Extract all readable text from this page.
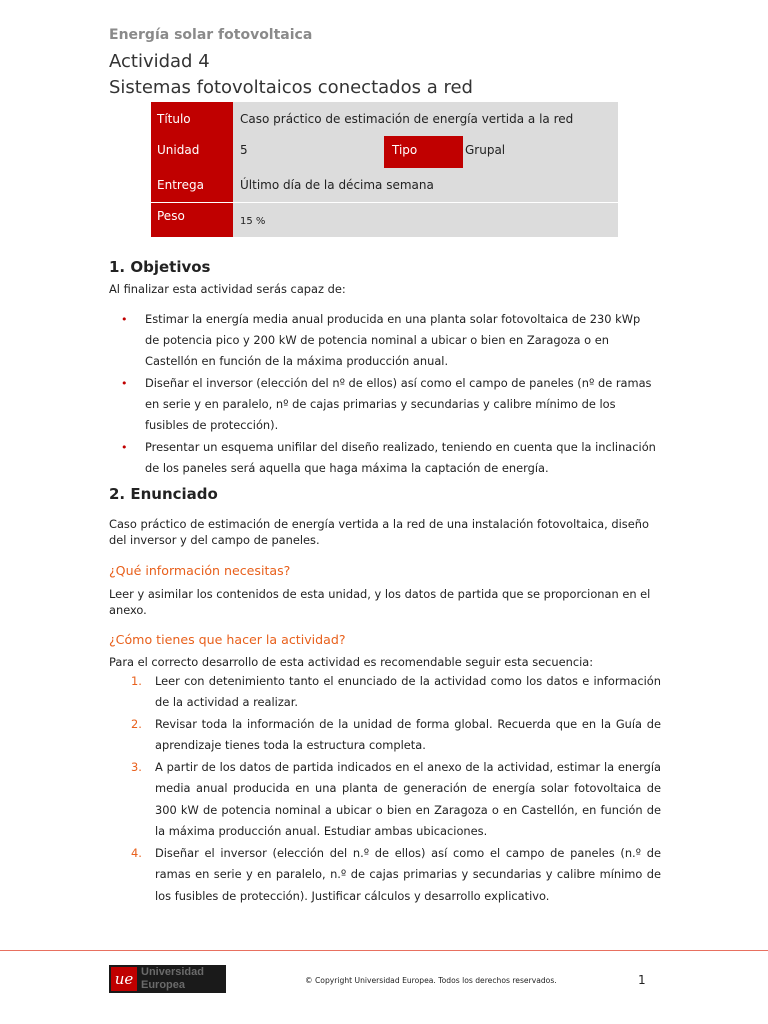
Energía solar fotovoltaica
Actividad 4
Sistemas fotovoltaicos conectados a red
Título	Caso práctico de estimación de energía vertida a la red
Unidad	5	Tipo	Grupal
Entrega	Último día de la décima semana
Peso	15 %
1. Objetivos

Al finalizar esta actividad serás capaz de:

• Estimar la energía media anual producida en una planta solar fotovoltaica de 230 kWp de potencia pico y 200 kW de potencia nominal a ubicar o bien en Zaragoza o en Castellón en función de la máxima producción anual.
• Diseñar el inversor (elección del nº de ellos) así como el campo de paneles (nº de ramas en serie y en paralelo, nº de cajas primarias y secundarias y calibre mínimo de los fusibles de protección).
• Presentar un esquema unifilar del diseño realizado, teniendo en cuenta que la inclinación de los paneles será aquella que haga máxima la captación de energía.
2. Enunciado

Caso práctico de estimación de energía vertida a la red de una instalación fotovoltaica, diseño del inversor y del campo de paneles.

¿Qué información necesitas?

Leer y asimilar los contenidos de esta unidad, y los datos de partida que se proporcionan en el anexo.

¿Cómo tienes que hacer la actividad?

Para el correcto desarrollo de esta actividad es recomendable seguir esta secuencia:

1. Leer con detenimiento tanto el enunciado de la actividad como los datos e información de la actividad a realizar.
2. Revisar toda la información de la unidad de forma global. Recuerda que en la Guía de aprendizaje tienes toda la estructura completa.
3. A partir de los datos de partida indicados en el anexo de la actividad, estimar la energía media anual producida en una planta de generación de energía solar fotovoltaica de 300 kW de potencia nominal a ubicar o bien en Zaragoza o en Castellón, en función de la máxima producción anual. Estudiar ambas ubicaciones.
4. Diseñar el inversor (elección del n.º de ellos) así como el campo de paneles (n.º de ramas en serie y en paralelo, n.º de cajas primarias y secundarias y calibre mínimo de los fusibles de protección). Justificar cálculos y desarrollo explicativo.
ue Universidad
Europea	© Copyright Universidad Europea. Todos los derechos reservados.	1
